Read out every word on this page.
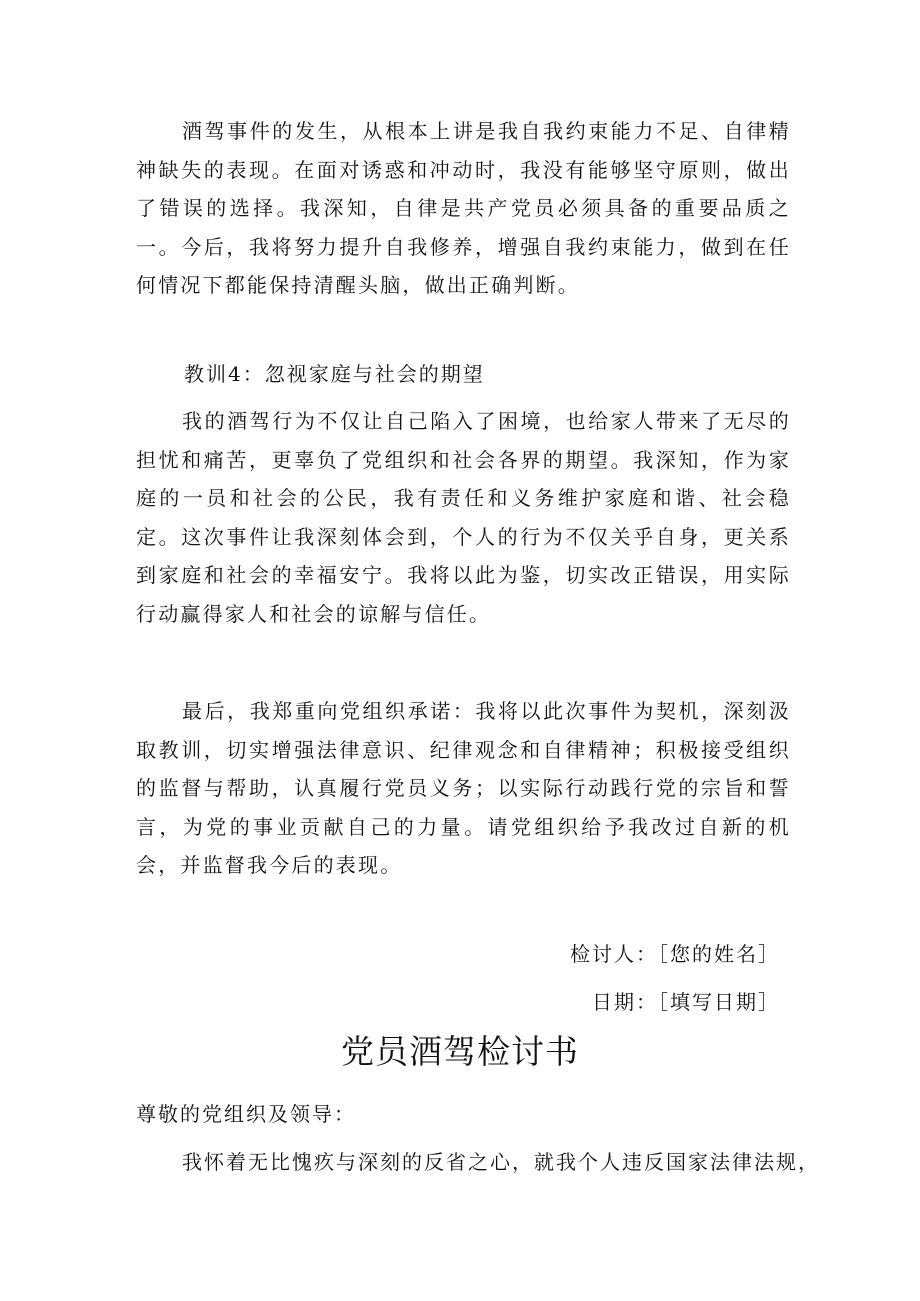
酒驾事件的发生，从根本上讲是我自我约束能力不足、自律精神缺失的表现。在面对诱惑和冲动时，我没有能够坚守原则，做出了错误的选择。我深知，自律是共产党员必须具备的重要品质之一。今后，我将努力提升自我修养，增强自我约束能力，做到在任何情况下都能保持清醒头脑，做出正确判断。

教训4：忽视家庭与社会的期望

我的酒驾行为不仅让自己陷入了困境，也给家人带来了无尽的担忧和痛苦，更辜负了党组织和社会各界的期望。我深知，作为家庭的一员和社会的公民，我有责任和义务维护家庭和谐、社会稳定。这次事件让我深刻体会到，个人的行为不仅关乎自身，更关系到家庭和社会的幸福安宁。我将以此为鉴，切实改正错误，用实际行动赢得家人和社会的谅解与信任。

最后，我郑重向党组织承诺：我将以此次事件为契机，深刻汲取教训，切实增强法律意识、纪律观念和自律精神；积极接受组织的监督与帮助，认真履行党员义务；以实际行动践行党的宗旨和誓言，为党的事业贡献自己的力量。请党组织给予我改过自新的机会，并监督我今后的表现。

检讨人：［您的姓名］

日期：［填写日期］

党员酒驾检讨书

尊敬的党组织及领导：

我怀着无比愧疚与深刻的反省之心，就我个人违反国家法律法规，
